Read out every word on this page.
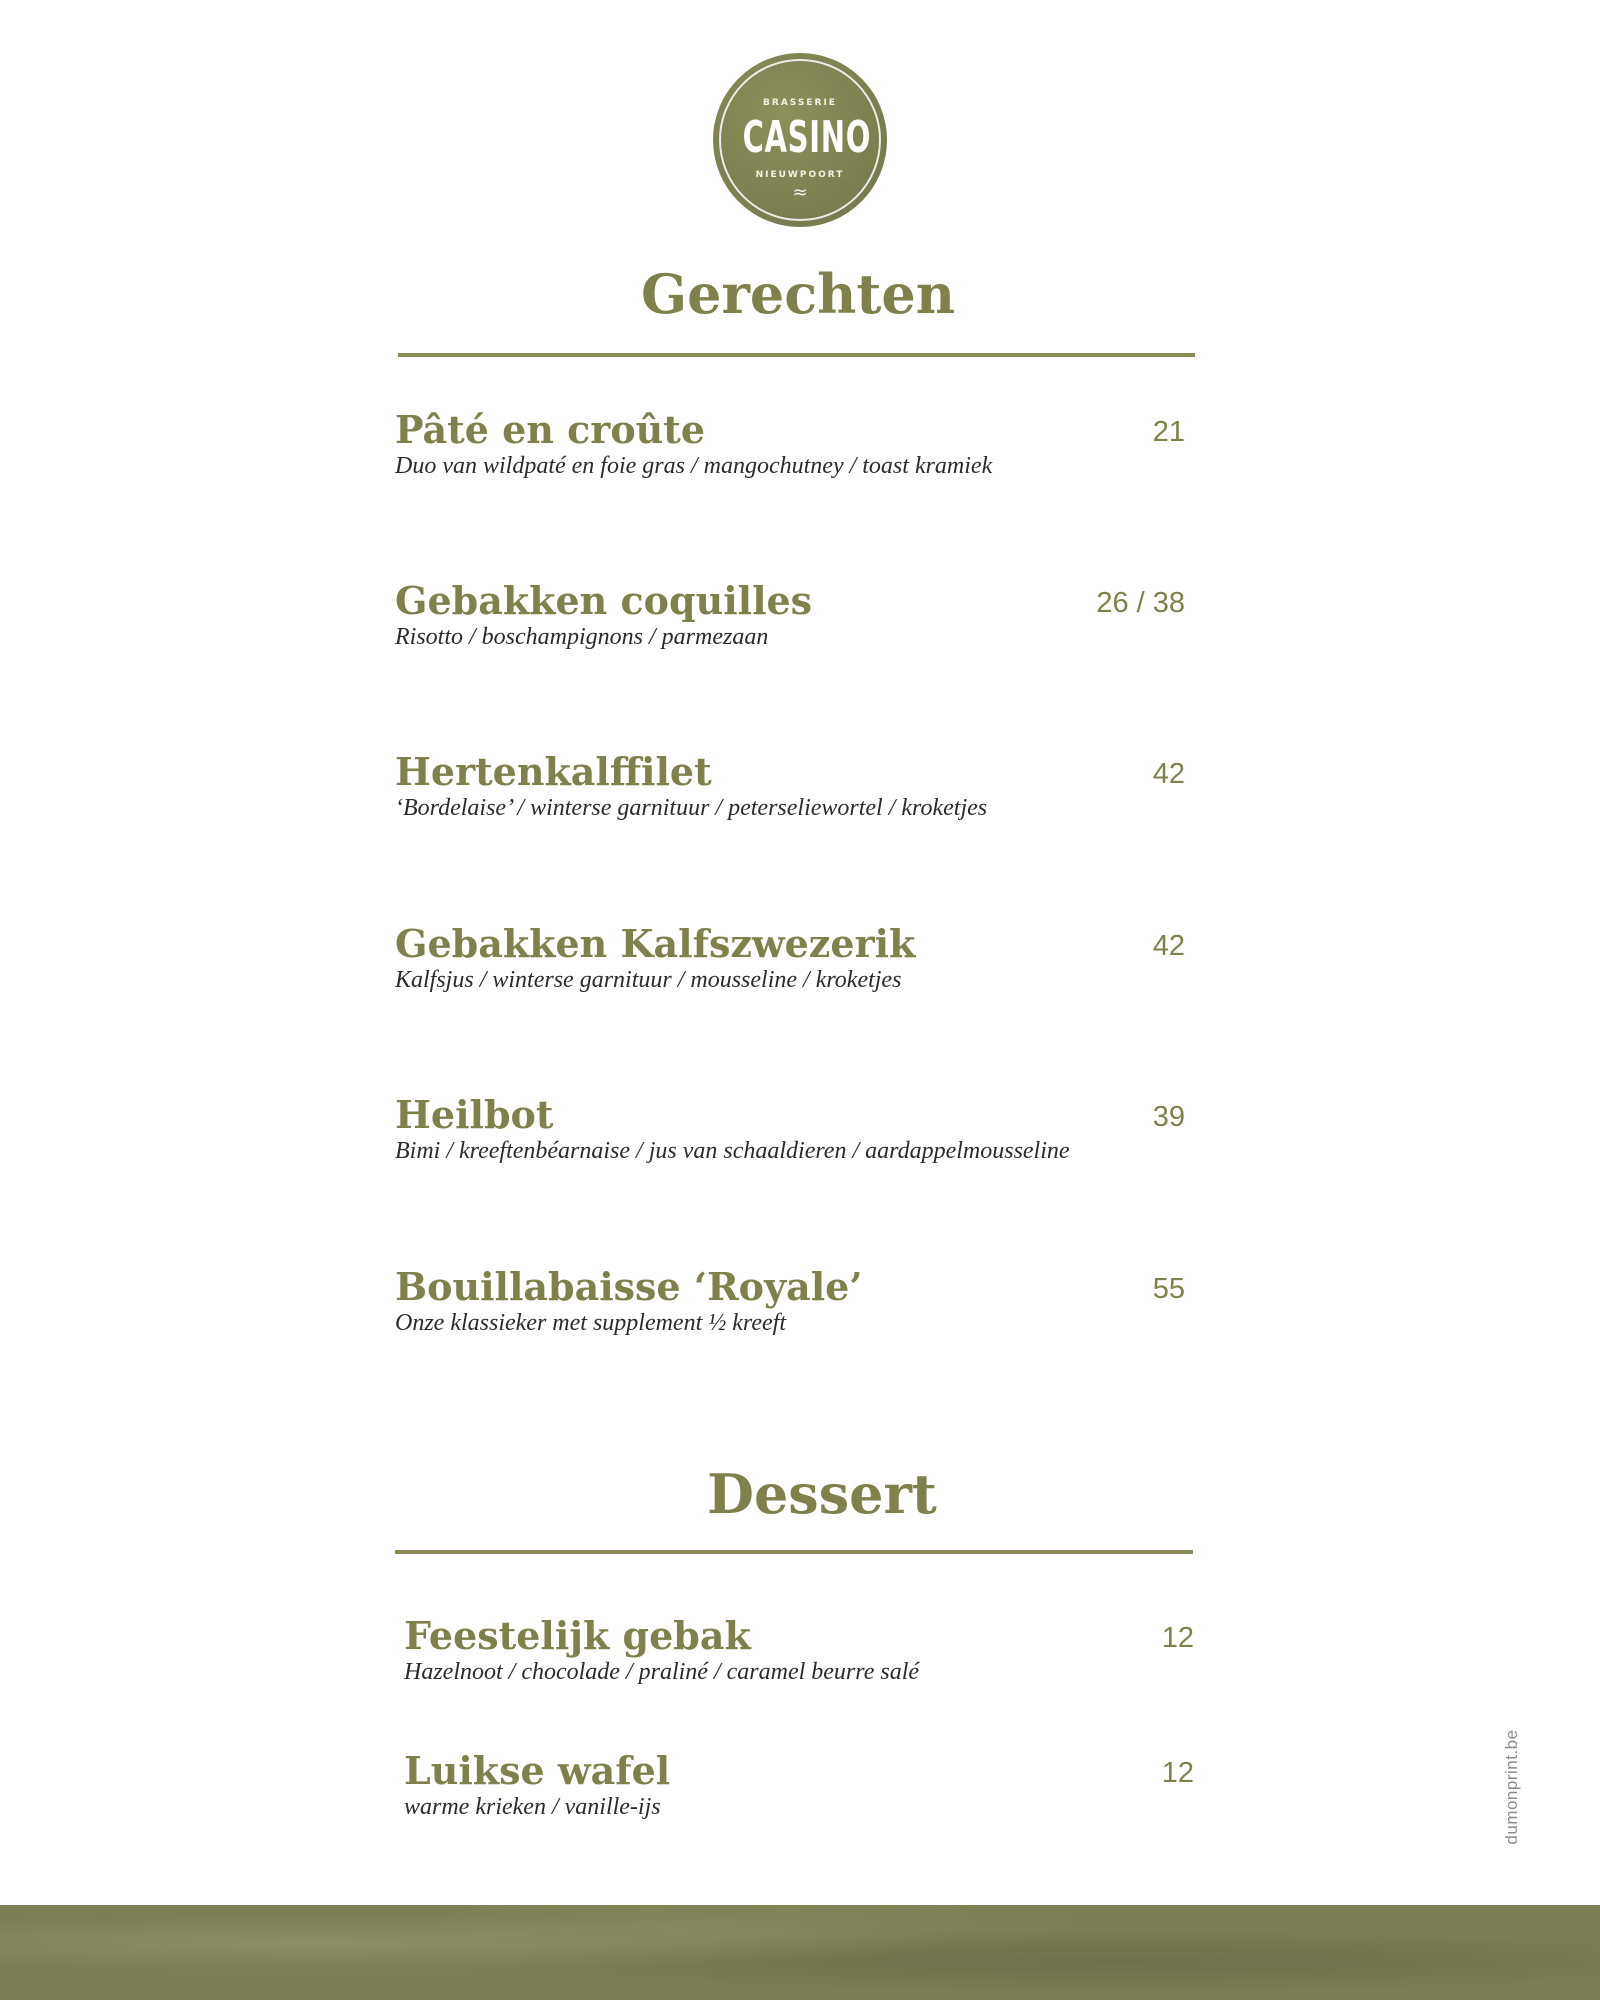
BRASSERIE
CASINO
NIEUWPOORT
≈
Gerechten
Pâté en croûte	21
Duo van wildpaté en foie gras / mangochutney / toast kramiek
Gebakken coquilles	26 / 38
Risotto / boschampignons / parmezaan
Hertenkalffilet	42
‘Bordelaise’ / winterse garnituur / peterseliewortel / kroketjes
Gebakken Kalfszwezerik	42
Kalfsjus / winterse garnituur / mousseline / kroketjes
Heilbot	39
Bimi / kreeftenbéarnaise / jus van schaaldieren / aardappelmousseline
Bouillabaisse ‘Royale’	55
Onze klassieker met supplement ½ kreeft
Dessert
Feestelijk gebak	12
Hazelnoot / chocolade / praliné / caramel beurre salé
Luikse wafel	12
warme krieken / vanille-ijs	dumonprint.be
